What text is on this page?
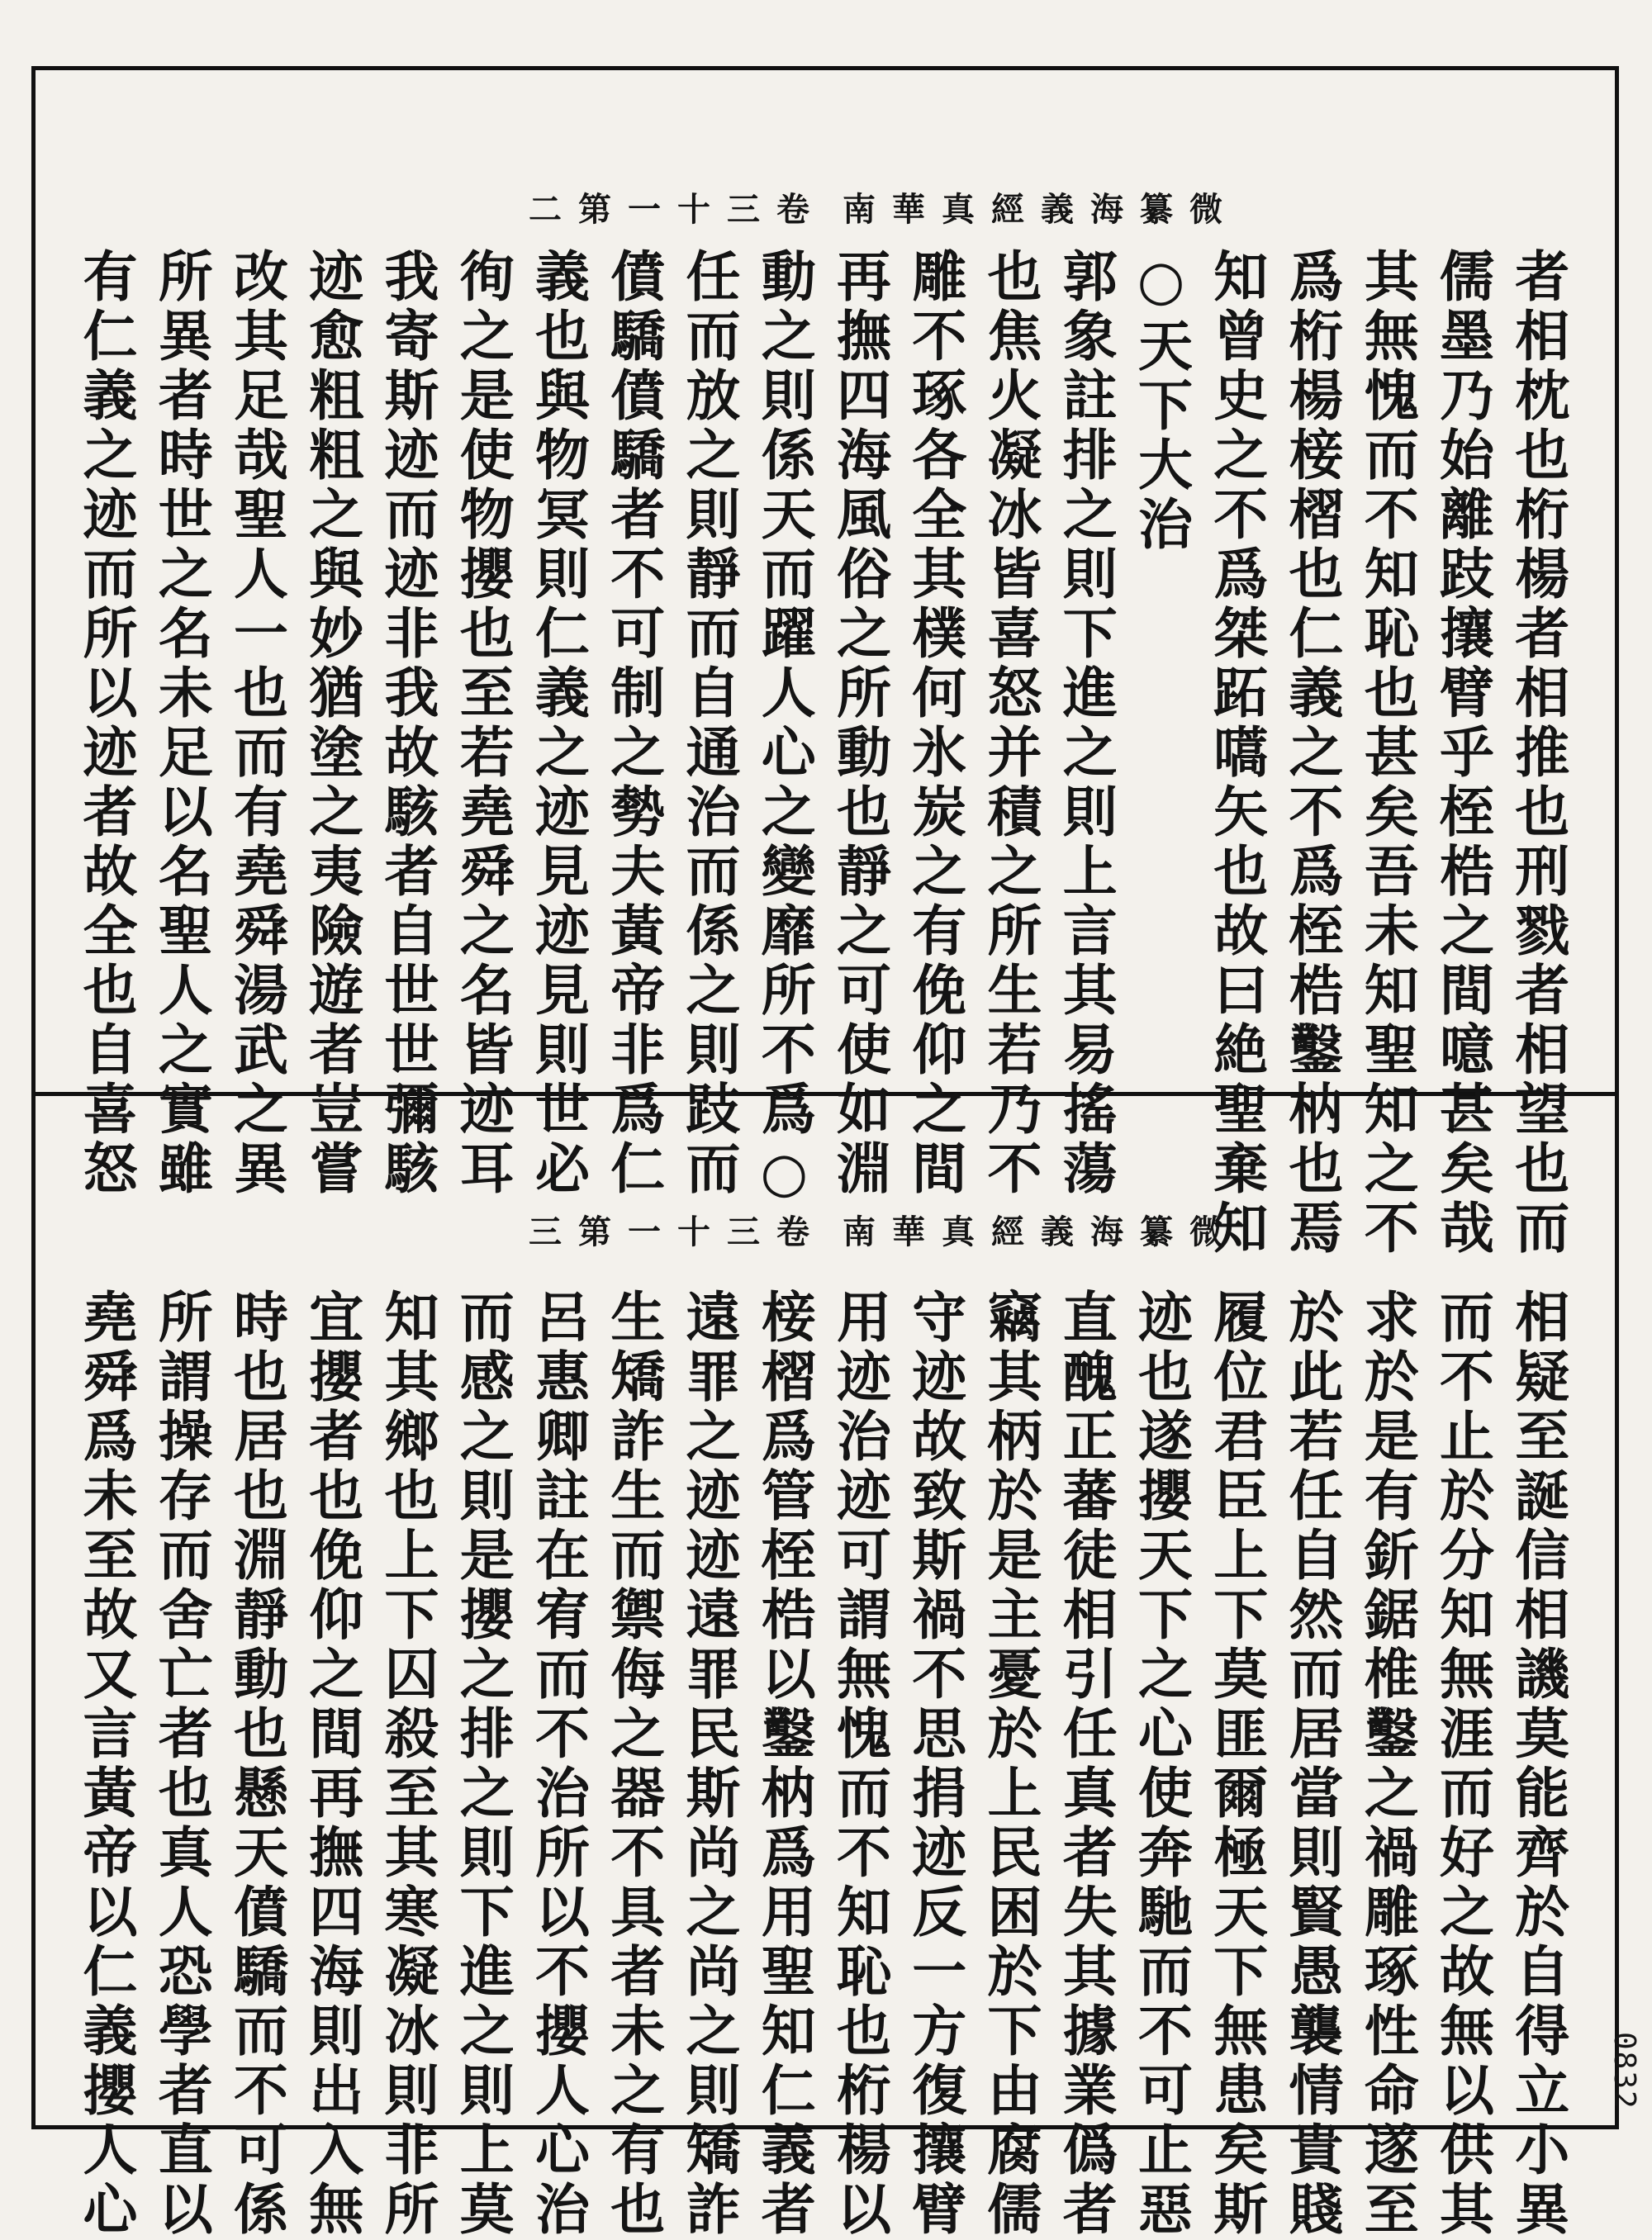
二第一十三卷 南華真經義海纂微
者相枕也桁楊者相推也刑戮者相望也而
儒墨乃始離跂攘臂乎桎梏之間噫甚矣哉
其無愧而不知恥也甚矣吾未知聖知之不
爲桁楊椄槢也仁義之不爲桎梏鑿枘也焉
知曾史之不爲桀跖嚆矢也故曰絶聖棄知
○天下大治
郭象註排之則下進之則上言其易搖蕩
也焦火凝冰皆喜怒并積之所生若乃不
雕不琢各全其樸何氷炭之有俛仰之間
再撫四海風俗之所動也靜之可使如淵
動之則係天而躍人心之變靡所不爲○
任而放之則靜而自通治而係之則跂而
僨驕僨驕者不可制之勢夫黃帝非爲仁
義也與物冥則仁義之迹見迹見則世必
徇之是使物攖也至若堯舜之名皆迹耳
我寄斯迹而迹非我故駭者自世世彌駭
迹愈粗粗之與妙猶塗之夷險遊者豈嘗
改其足哉聖人一也而有堯舜湯武之異
所異者時世之名未足以名聖人之實雖
有仁義之迹而所以迹者故全也自喜怒
三第一十三卷 南華真經義海纂微
相疑至誕信相譏莫能齊於自得立小異
而不止於分知無涯而好之故無以供其
求於是有釿鋸椎鑿之禍雕琢性命遂至
於此若任自然而居當則賢愚襲情貴賤
履位君臣上下莫匪爾極天下無患矣斯
迹也遂攖天下之心使奔馳而不可止惡
直醜正蕃徒相引任真者失其據業僞者
竊其柄於是主憂於上民困於下由腐儒
守迹故致斯禍不思捐迹反一方復攘臂
用迹治迹可謂無愧而不知恥也桁楊以
椄槢爲管桎梏以鑿枘爲用聖知仁義者
遠罪之迹迹遠罪民斯尚之尚之則矯詐
生矯詐生而禦侮之器不具者未之有也
呂惠卿註在宥而不治所以不攖人心治
而感之則是攖之排之則下進之則上莫
知其鄉也上下囚殺至其寒凝冰則非所
宜攖者也俛仰之間再撫四海則出入無
時也居也淵靜動也懸天僨驕而不可係
所謂操存而舍亡者也真人恐學者直以
堯舜爲未至故又言黃帝以仁義攖人心	0832
